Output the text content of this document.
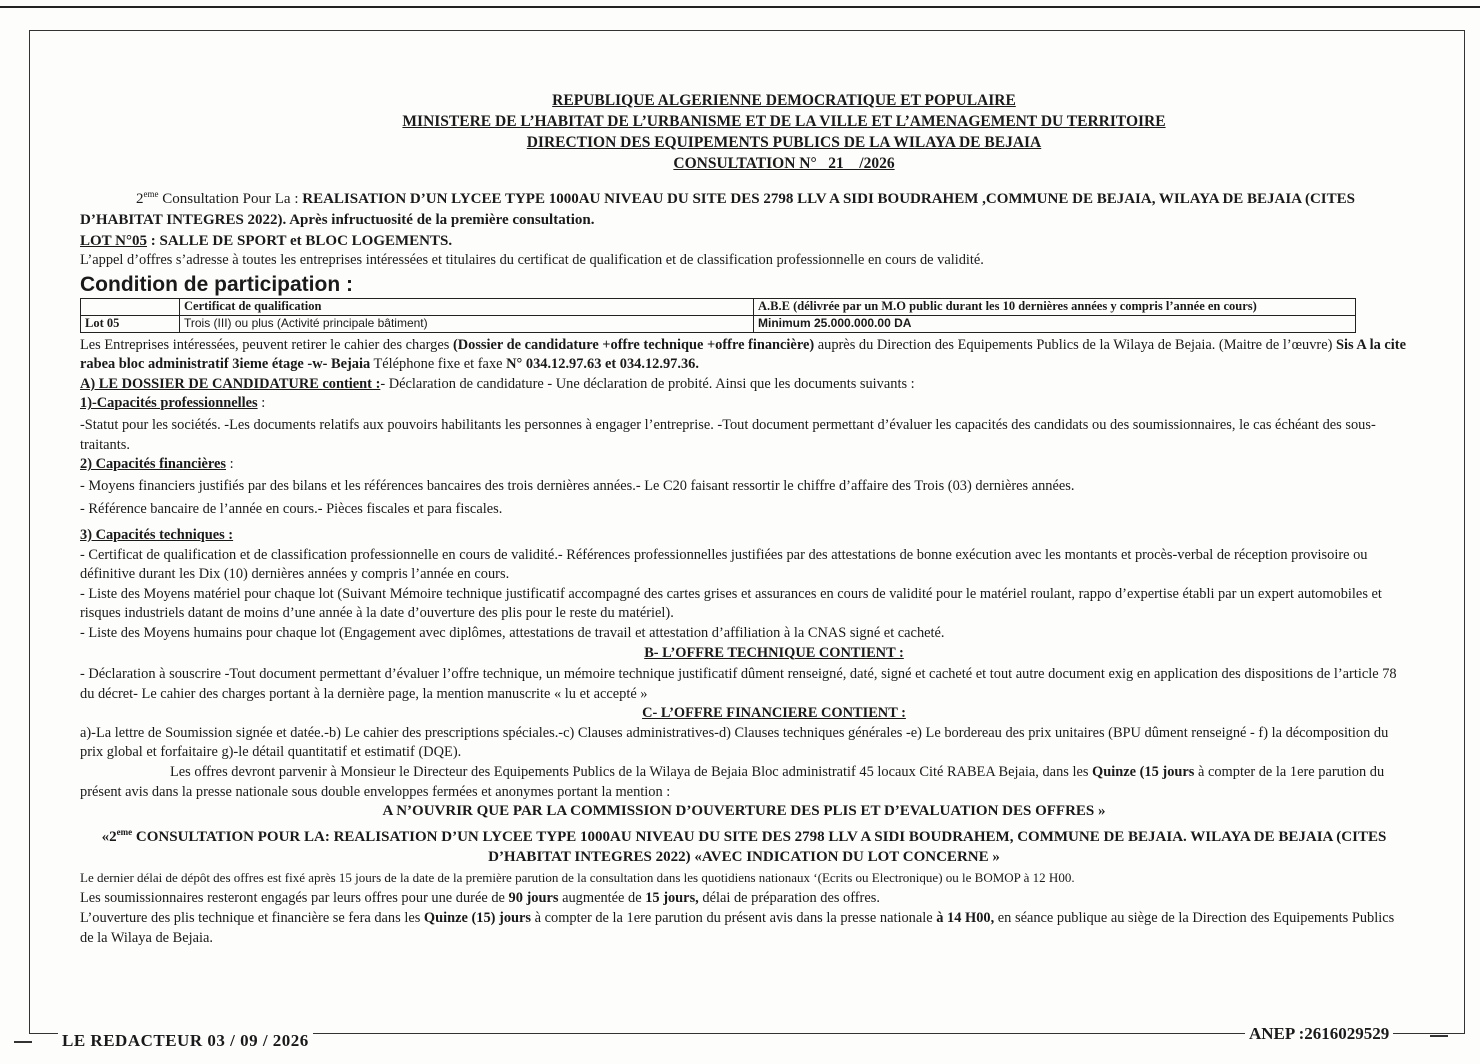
REPUBLIQUE ALGERIENNE DEMOCRATIQUE ET POPULAIRE
MINISTERE DE L’HABITAT DE L’URBANISME ET DE LA VILLE ET L’AMENAGEMENT DU TERRITOIRE
DIRECTION DES EQUIPEMENTS PUBLICS DE LA WILAYA DE BEJAIA
CONSULTATION N°   21    /2026

2eme Consultation Pour La : REALISATION D’UN LYCEE TYPE 1000AU NIVEAU DU SITE DES 2798 LLV A SIDI BOUDRAHEM ,COMMUNE DE BEJAIA, WILAYA DE BEJAIA (CITES D’HABITAT INTEGRES 2022). Après infructuosité de la première consultation.

LOT N°05 : SALLE DE SPORT et BLOC LOGEMENTS.

L’appel d’offres s’adresse à toutes les entreprises intéressées et titulaires du certificat de qualification et de classification professionnelle en cours de validité.

Condition de participation :
	Certificat de qualification	A.B.E (délivrée par un M.O public durant les 10 dernières années y compris l’année en cours)
Lot 05	Trois (III) ou plus (Activité principale bâtiment)	Minimum 25.000.000.00 DA

Les Entreprises intéressées, peuvent retirer le cahier des charges (Dossier de candidature +offre technique +offre financière) auprès du Direction des Equipements Publics de la Wilaya de Bejaia. (Maitre de l’œuvre) Sis A la cite rabea bloc administratif 3ieme étage -w- Bejaia Téléphone fixe et faxe N° 034.12.97.63 et 034.12.97.36.

A) LE DOSSIER DE CANDIDATURE contient :- Déclaration de candidature - Une déclaration de probité. Ainsi que les documents suivants :

1)-Capacités professionnelles :

-Statut pour les sociétés. -Les documents relatifs aux pouvoirs habilitants les personnes à engager l’entreprise. -Tout document permettant d’évaluer les capacités des candidats ou des soumissionnaires, le cas échéant des sous-traitants.

2) Capacités financières :

- Moyens financiers justifiés par des bilans et les références bancaires des trois dernières années.- Le C20 faisant ressortir le chiffre d’affaire des Trois (03) dernières années.

- Référence bancaire de l’année en cours.- Pièces fiscales et para fiscales.

3) Capacités techniques :

- Certificat de qualification et de classification professionnelle en cours de validité.- Références professionnelles justifiées par des attestations de bonne exécution avec les montants et procès-verbal de réception provisoire ou définitive durant les Dix (10) dernières années y compris l’année en cours.

- Liste des Moyens matériel pour chaque lot (Suivant Mémoire technique justificatif accompagné des cartes grises et assurances en cours de validité pour le matériel roulant, rappo d’expertise établi par un expert automobiles et risques industriels datant de moins d’une année à la date d’ouverture des plis pour le reste du matériel).

- Liste des Moyens humains pour chaque lot (Engagement avec diplômes, attestations de travail et attestation d’affiliation à la CNAS signé et cacheté.

B- L’OFFRE TECHNIQUE CONTIENT :

- Déclaration à souscrire -Tout document permettant d’évaluer l’offre technique, un mémoire technique justificatif dûment renseigné, daté, signé et cacheté et tout autre document exig en application des dispositions de l’article 78 du décret- Le cahier des charges portant à la dernière page, la mention manuscrite « lu et accepté »

C- L’OFFRE FINANCIERE CONTIENT :

a)-La lettre de Soumission signée et datée.-b) Le cahier des prescriptions spéciales.-c) Clauses administratives-d) Clauses techniques générales -e) Le bordereau des prix unitaires (BPU dûment renseigné - f) la décomposition du prix global et forfaitaire g)-le détail quantitatif et estimatif (DQE).

Les offres devront parvenir à Monsieur le Directeur des Equipements Publics de la Wilaya de Bejaia Bloc administratif 45 locaux Cité RABEA Bejaia, dans les Quinze (15 jours à compter de la 1ere parution du présent avis dans la presse nationale sous double enveloppes fermées et anonymes portant la mention :

A N’OUVRIR QUE PAR LA COMMISSION D’OUVERTURE DES PLIS ET D’EVALUATION DES OFFRES »

«2eme CONSULTATION POUR LA: REALISATION D’UN LYCEE TYPE 1000AU NIVEAU DU SITE DES 2798 LLV A SIDI BOUDRAHEM, COMMUNE DE BEJAIA. WILAYA DE BEJAIA (CITES D’HABITAT INTEGRES 2022) «AVEC INDICATION DU LOT CONCERNE »

Le dernier délai de dépôt des offres est fixé après 15 jours de la date de la première parution de la consultation dans les quotidiens nationaux ‘(Ecrits ou Electronique) ou le BOMOP à 12 H00.

Les soumissionnaires resteront engagés par leurs offres pour une durée de 90 jours augmentée de 15 jours, délai de préparation des offres.

L’ouverture des plis technique et financière se fera dans les Quinze (15) jours à compter de la 1ere parution du présent avis dans la presse nationale à 14 H00, en séance publique au siège de la Direction des Equipements Publics de la Wilaya de Bejaia.

LE REDACTEUR 03 / 09 / 2026	ANEP :2616029529
